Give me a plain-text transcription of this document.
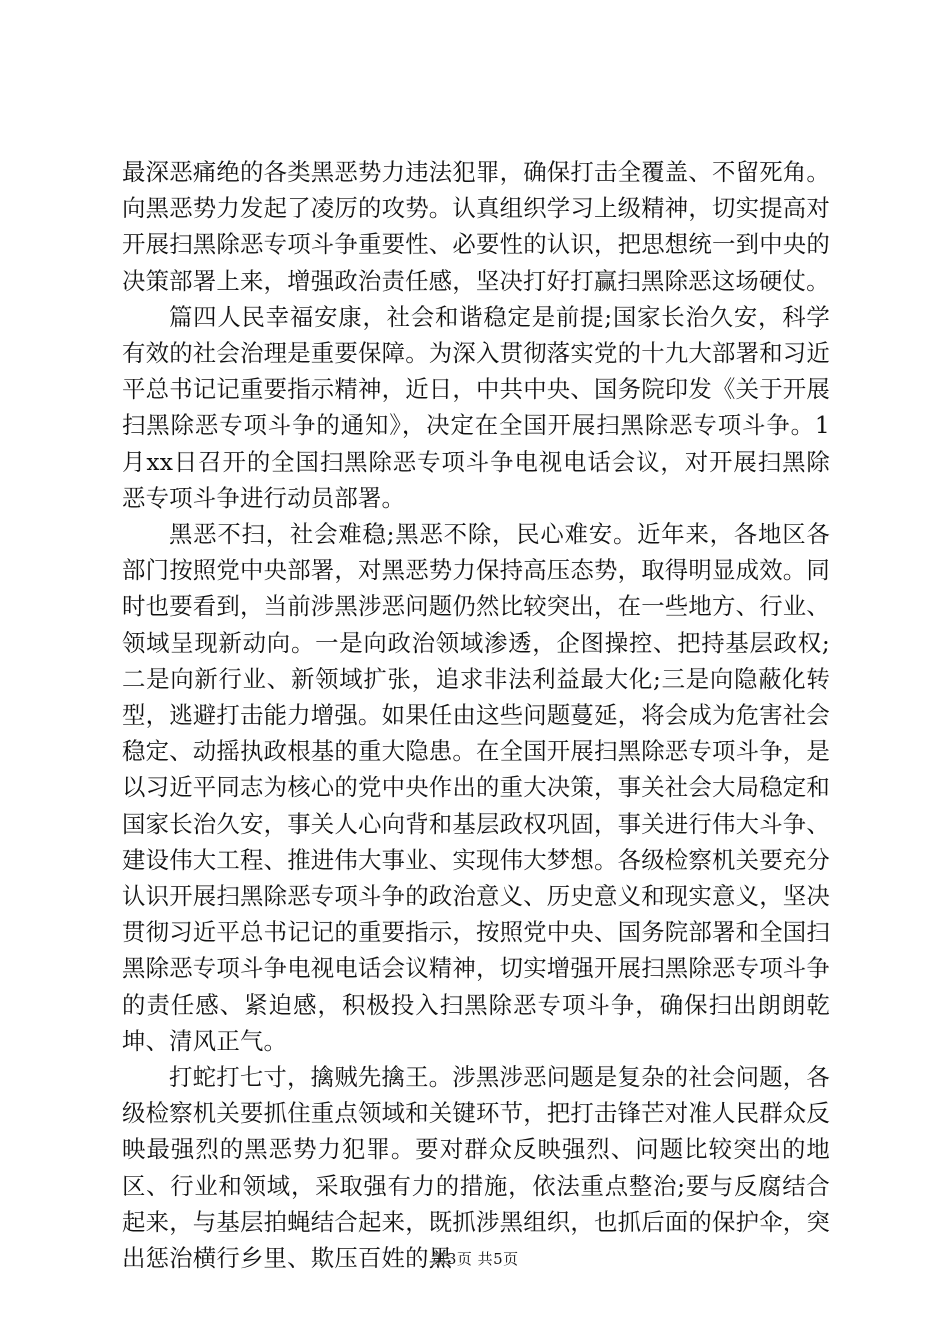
最深恶痛绝的各类黑恶势力违法犯罪，确保打击全覆盖、不留死角。向黑恶势力发起了凌厉的攻势。认真组织学习上级精神，切实提高对开展扫黑除恶专项斗争重要性、必要性的认识，把思想统一到中央的决策部署上来，增强政治责任感，坚决打好打赢扫黑除恶这场硬仗。

篇四人民幸福安康，社会和谐稳定是前提;国家长治久安，科学有效的社会治理是重要保障。为深入贯彻落实党的十九大部署和习近平总书记记重要指示精神，近日，中共中央、国务院印发《关于开展扫黑除恶专项斗争的通知》，决定在全国开展扫黑除恶专项斗争。1月xx日召开的全国扫黑除恶专项斗争电视电话会议，对开展扫黑除恶专项斗争进行动员部署。

黑恶不扫，社会难稳;黑恶不除，民心难安。近年来，各地区各部门按照党中央部署，对黑恶势力保持高压态势，取得明显成效。同时也要看到，当前涉黑涉恶问题仍然比较突出，在一些地方、行业、领域呈现新动向。一是向政治领域渗透，企图操控、把持基层政权;二是向新行业、新领域扩张，追求非法利益最大化;三是向隐蔽化转型，逃避打击能力增强。如果任由这些问题蔓延，将会成为危害社会稳定、动摇执政根基的重大隐患。在全国开展扫黑除恶专项斗争，是以习近平同志为核心的党中央作出的重大决策，事关社会大局稳定和国家长治久安，事关人心向背和基层政权巩固，事关进行伟大斗争、建设伟大工程、推进伟大事业、实现伟大梦想。各级检察机关要充分认识开展扫黑除恶专项斗争的政治意义、历史意义和现实意义，坚决贯彻习近平总书记记的重要指示，按照党中央、国务院部署和全国扫黑除恶专项斗争电视电话会议精神，切实增强开展扫黑除恶专项斗争的责任感、紧迫感，积极投入扫黑除恶专项斗争，确保扫出朗朗乾坤、清风正气。

打蛇打七寸，擒贼先擒王。涉黑涉恶问题是复杂的社会问题，各级检察机关要抓住重点领域和关键环节，把打击锋芒对准人民群众反映最强烈的黑恶势力犯罪。要对群众反映强烈、问题比较突出的地区、行业和领域，采取强有力的措施，依法重点整治;要与反腐结合起来，与基层拍蝇结合起来，既抓涉黑组织，也抓后面的保护伞，突出惩治横行乡里、欺压百姓的黑

第3页 共5页
